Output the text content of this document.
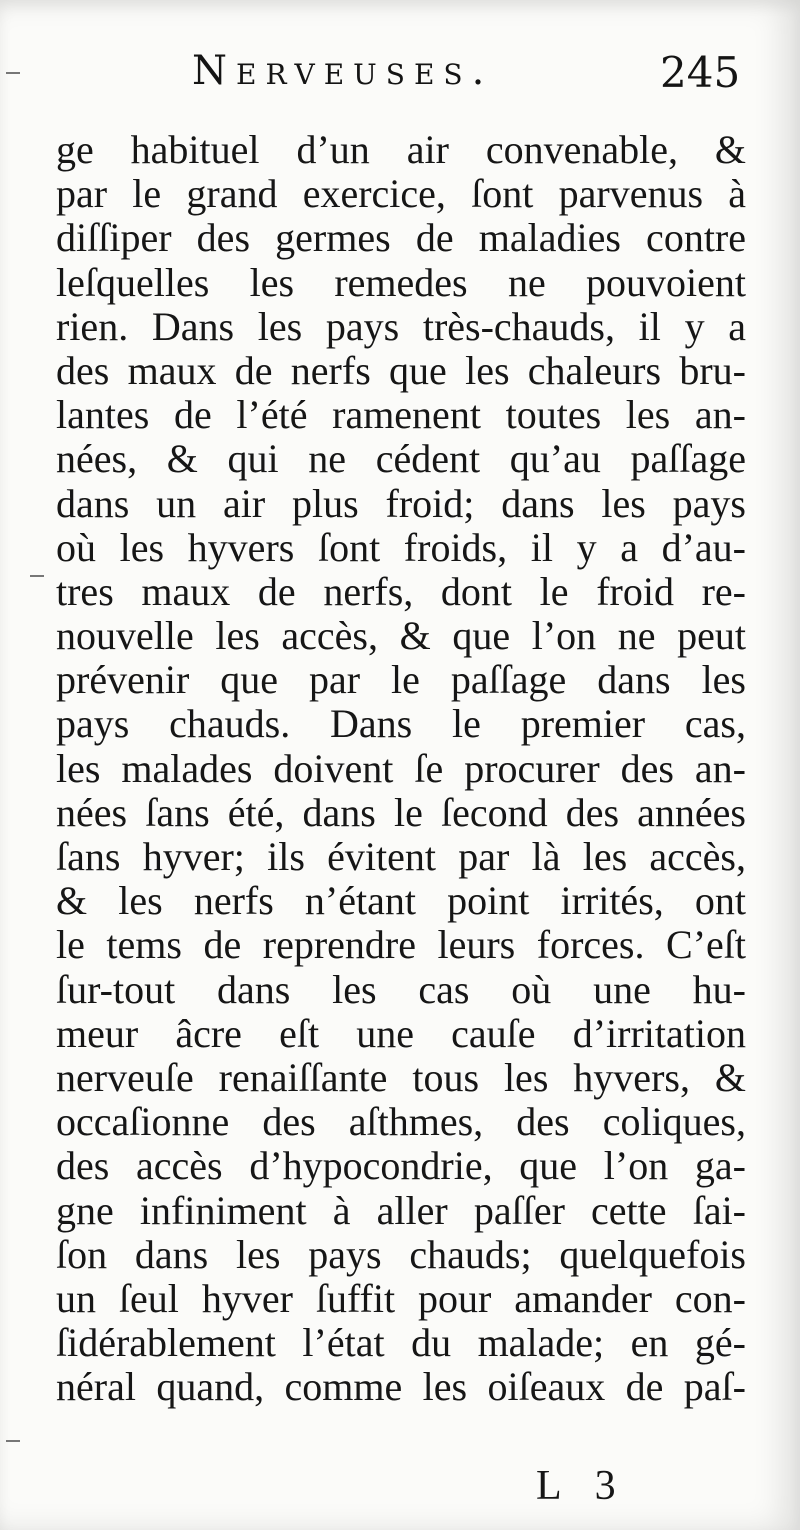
Nerveuses.	245
ge habituel d’un air convenable, &
par le grand exercice, ſont parvenus à
diſſiper des germes de maladies contre
leſquelles les remedes ne pouvoient
rien. Dans les pays très-chauds, il y a
des maux de nerfs que les chaleurs bru-
lantes de l’été ramenent toutes les an-
nées, & qui ne cédent qu’au paſſage
dans un air plus froid; dans les pays
où les hyvers ſont froids, il y a d’au-
tres maux de nerfs, dont le froid re-
nouvelle les accès, & que l’on ne peut
prévenir que par le paſſage dans les
pays chauds. Dans le premier cas,
les malades doivent ſe procurer des an-
nées ſans été, dans le ſecond des années
ſans hyver; ils évitent par là les accès,
& les nerfs n’étant point irrités, ont
le tems de reprendre leurs forces. C’eſt
ſur-tout dans les cas où une hu-
meur âcre eſt une cauſe d’irritation
nerveuſe renaiſſante tous les hyvers, &
occaſionne des aſthmes, des coliques,
des accès d’hypocondrie, que l’on ga-
gne infiniment à aller paſſer cette ſai-
ſon dans les pays chauds; quelquefois
un ſeul hyver ſuffit pour amander con-
ſidérablement l’état du malade; en gé-
néral quand, comme les oiſeaux de paſ-
L 3
